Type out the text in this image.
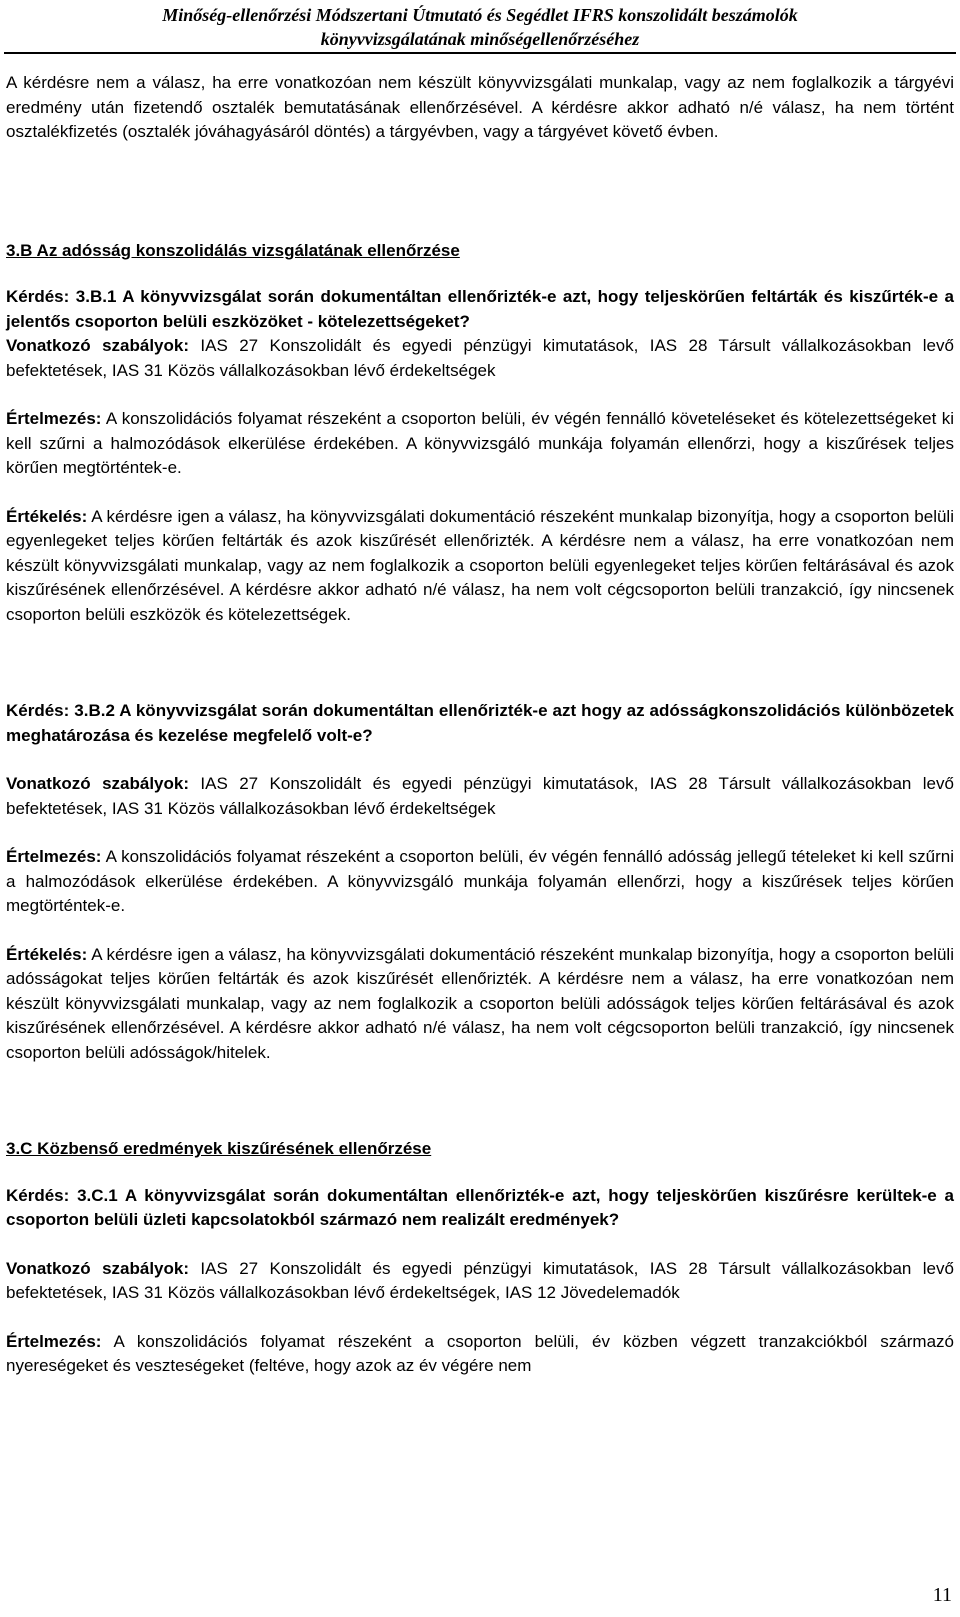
Minőség-ellenőrzési Módszertani Útmutató és Segédlet IFRS konszolidált beszámolók
könyvvizsgálatának minőségellenőrzéséhez

A kérdésre nem a válasz, ha erre vonatkozóan nem készült könyvvizsgálati munkalap, vagy az nem foglalkozik a tárgyévi eredmény után fizetendő osztalék bemutatásának ellenőrzésével. A kérdésre akkor adható n/é válasz, ha nem történt osztalékfizetés (osztalék jóváhagyásáról döntés) a tárgyévben, vagy a tárgyévet követő évben.

3.B Az adósság konszolidálás vizsgálatának ellenőrzése

Kérdés: 3.B.1 A könyvvizsgálat során dokumentáltan ellenőrizték-e azt, hogy teljeskörűen feltárták és kiszűrték-e a jelentős csoporton belüli eszközöket - kötelezettségeket?

Vonatkozó szabályok: IAS 27 Konszolidált és egyedi pénzügyi kimutatások, IAS 28 Társult vállalkozásokban levő befektetések, IAS 31 Közös vállalkozásokban lévő érdekeltségek

Értelmezés: A konszolidációs folyamat részeként a csoporton belüli, év végén fennálló követeléseket és kötelezettségeket ki kell szűrni a halmozódások elkerülése érdekében. A könyvvizsgáló munkája folyamán ellenőrzi, hogy a kiszűrések teljes körűen megtörténtek-e.

Értékelés: A kérdésre igen a válasz, ha könyvvizsgálati dokumentáció részeként munkalap bizonyítja, hogy a csoporton belüli egyenlegeket teljes körűen feltárták és azok kiszűrését ellenőrizték. A kérdésre nem a válasz, ha erre vonatkozóan nem készült könyvvizsgálati munkalap, vagy az nem foglalkozik a csoporton belüli egyenlegeket teljes körűen feltárásával és azok kiszűrésének ellenőrzésével. A kérdésre akkor adható n/é válasz, ha nem volt cégcsoporton belüli tranzakció, így nincsenek csoporton belüli eszközök és kötelezettségek.

Kérdés: 3.B.2 A könyvvizsgálat során dokumentáltan ellenőrizték-e azt hogy az adósságkonszolidációs különbözetek meghatározása és kezelése megfelelő volt-e?

Vonatkozó szabályok: IAS 27 Konszolidált és egyedi pénzügyi kimutatások, IAS 28 Társult vállalkozásokban levő befektetések, IAS 31 Közös vállalkozásokban lévő érdekeltségek

Értelmezés: A konszolidációs folyamat részeként a csoporton belüli, év végén fennálló adósság jellegű tételeket ki kell szűrni a halmozódások elkerülése érdekében. A könyvvizsgáló munkája folyamán ellenőrzi, hogy a kiszűrések teljes körűen megtörténtek-e.

Értékelés: A kérdésre igen a válasz, ha könyvvizsgálati dokumentáció részeként munkalap bizonyítja, hogy a csoporton belüli adósságokat teljes körűen feltárták és azok kiszűrését ellenőrizték. A kérdésre nem a válasz, ha erre vonatkozóan nem készült könyvvizsgálati munkalap, vagy az nem foglalkozik a csoporton belüli adósságok teljes körűen feltárásával és azok kiszűrésének ellenőrzésével. A kérdésre akkor adható n/é válasz, ha nem volt cégcsoporton belüli tranzakció, így nincsenek csoporton belüli adósságok/hitelek.

3.C Közbenső eredmények kiszűrésének ellenőrzése

Kérdés: 3.C.1 A könyvvizsgálat során dokumentáltan ellenőrizték-e azt, hogy teljeskörűen kiszűrésre kerültek-e a csoporton belüli üzleti kapcsolatokból származó nem realizált eredmények?

Vonatkozó szabályok: IAS 27 Konszolidált és egyedi pénzügyi kimutatások, IAS 28 Társult vállalkozásokban levő befektetések, IAS 31 Közös vállalkozásokban lévő érdekeltségek, IAS 12 Jövedelemadók

Értelmezés: A konszolidációs folyamat részeként a csoporton belüli, év közben végzett tranzakciókból származó nyereségeket és veszteségeket (feltéve, hogy azok az év végére nem

11
